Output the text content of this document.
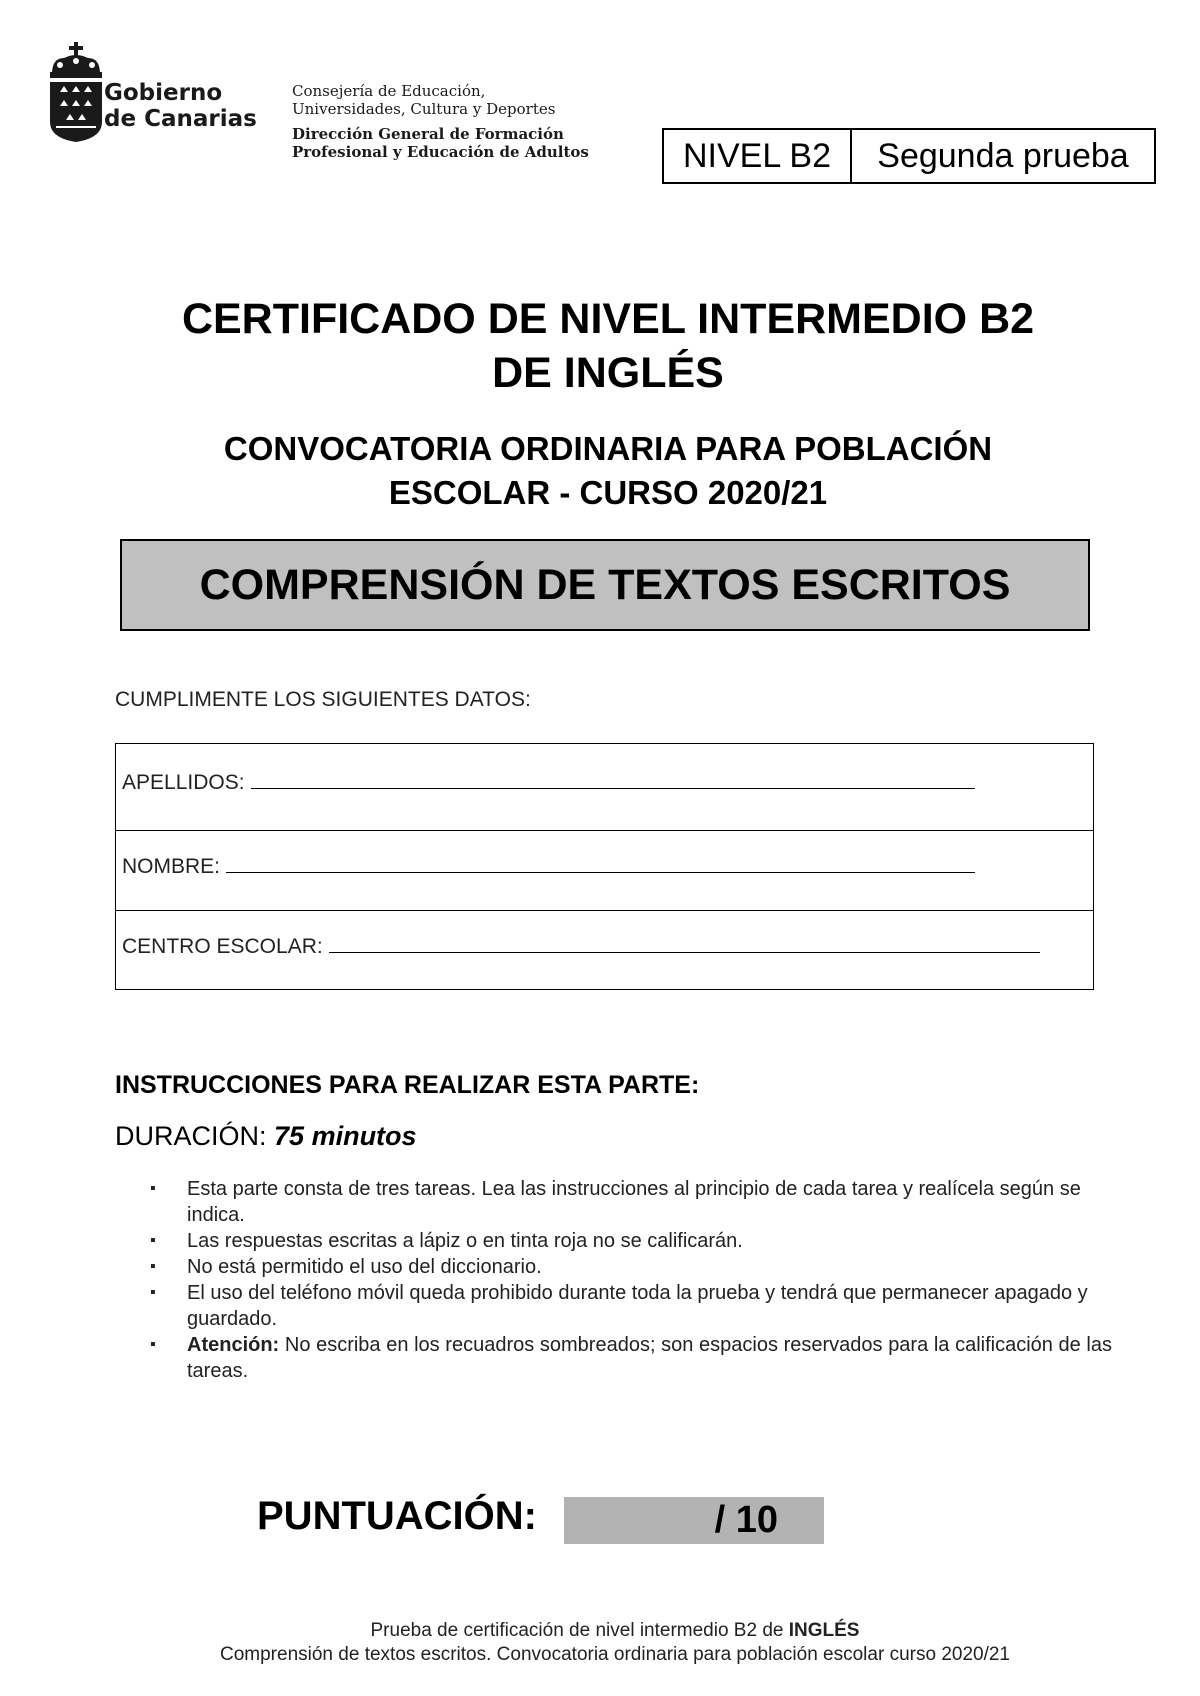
Gobierno
de Canarias
Consejería de Educación,
Universidades, Cultura y Deportes
Dirección General de Formación
Profesional y Educación de Adultos	NIVEL B2	Segunda prueba
CERTIFICADO DE NIVEL INTERMEDIO B2
DE INGLÉS
CONVOCATORIA ORDINARIA PARA POBLACIÓN
ESCOLAR - CURSO 2020/21
COMPRENSIÓN DE TEXTOS ESCRITOS
CUMPLIMENTE LOS SIGUIENTES DATOS:
APELLIDOS:
NOMBRE:
CENTRO ESCOLAR:
INSTRUCCIONES PARA REALIZAR ESTA PARTE:
DURACIÓN: 75 minutos
▪ Esta parte consta de tres tareas. Lea las instrucciones al principio de cada tarea y realícela según se indica.
▪ Las respuestas escritas a lápiz o en tinta roja no se calificarán.
▪ No está permitido el uso del diccionario.
▪ El uso del teléfono móvil queda prohibido durante toda la prueba y tendrá que permanecer apagado y guardado.
▪ Atención: No escriba en los recuadros sombreados; son espacios reservados para la calificación de las tareas.
PUNTUACIÓN:	/ 10
Prueba de certificación de nivel intermedio B2 de INGLÉS
Comprensión de textos escritos. Convocatoria ordinaria para población escolar curso 2020/21
